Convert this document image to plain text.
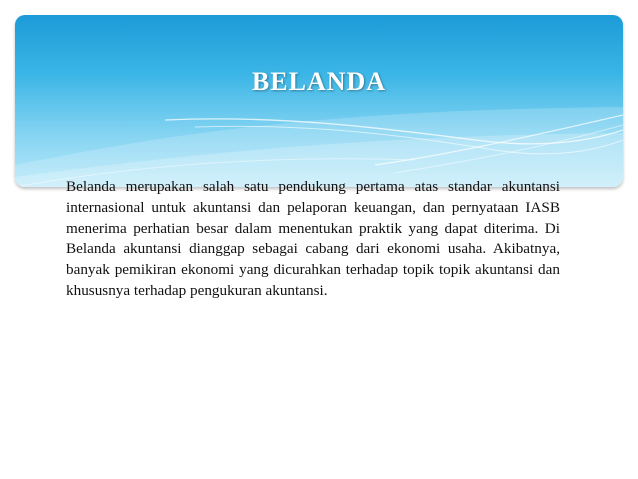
BELANDA
Belanda merupakan salah satu pendukung pertama atas standar akuntansi internasional untuk akuntansi dan pelaporan keuangan, dan pernyataan IASB menerima perhatian besar dalam menentukan praktik yang dapat diterima. Di Belanda akuntansi dianggap sebagai cabang dari ekonomi usaha. Akibatnya, banyak pemikiran ekonomi yang dicurahkan terhadap topik topik akuntansi dan khususnya terhadap pengukuran akuntansi.
